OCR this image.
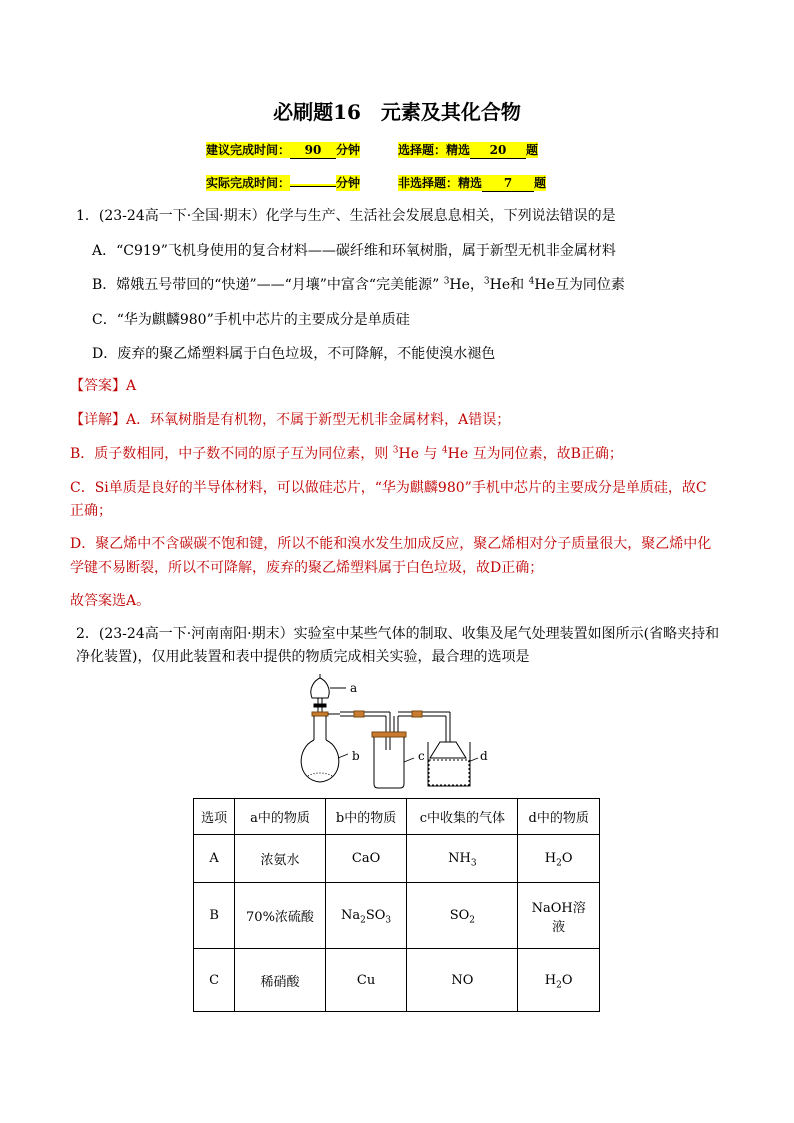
必刷题16　元素及其化合物
建议完成时间： 90 分钟	选择题：精选 20 题
实际完成时间：	分钟	非选择题：精选 7 题
1．(23-24高一下·全国·期末）化学与生产、生活社会发展息息相关，下列说法错误的是
A．“C919”飞机身使用的复合材料——碳纤维和环氧树脂，属于新型无机非金属材料
B．嫦娥五号带回的“快递”——“月壤”中富含“完美能源” $^3$He，$^3$He和 $^4$He互为同位素
C．“华为麒麟980”手机中芯片的主要成分是单质硅
D．废弃的聚乙烯塑料属于白色垃圾，不可降解，不能使溴水褪色
【答案】A
【详解】A．环氧树脂是有机物，不属于新型无机非金属材料，A错误；
B．质子数相同，中子数不同的原子互为同位素，则 $^3$He 与 $^4$He 互为同位素，故B正确；
C．Si单质是良好的半导体材料，可以做硅芯片，“华为麒麟980”手机中芯片的主要成分是单质硅，故C
正确；
D．聚乙烯中不含碳碳不饱和键，所以不能和溴水发生加成反应，聚乙烯相对分子质量很大，聚乙烯中化
学键不易断裂，所以不可降解，废弃的聚乙烯塑料属于白色垃圾，故D正确；
故答案选A。
2．(23-24高一下·河南南阳·期末）实验室中某些气体的制取、收集及尾气处理装置如图所示(省略夹持和
净化装置)，仅用此装置和表中提供的物质完成相关实验，最合理的选项是
a
b	c	d
选项	a中的物质	b中的物质	c中收集的气体	d中的物质
A	浓氨水	CaO	$NH_3$	$H_2O$
B	70%浓硫酸	$Na_2SO_3$	$SO_2$	NaOH溶
液

C	稀硝酸	Cu	NO	$H_2O$
